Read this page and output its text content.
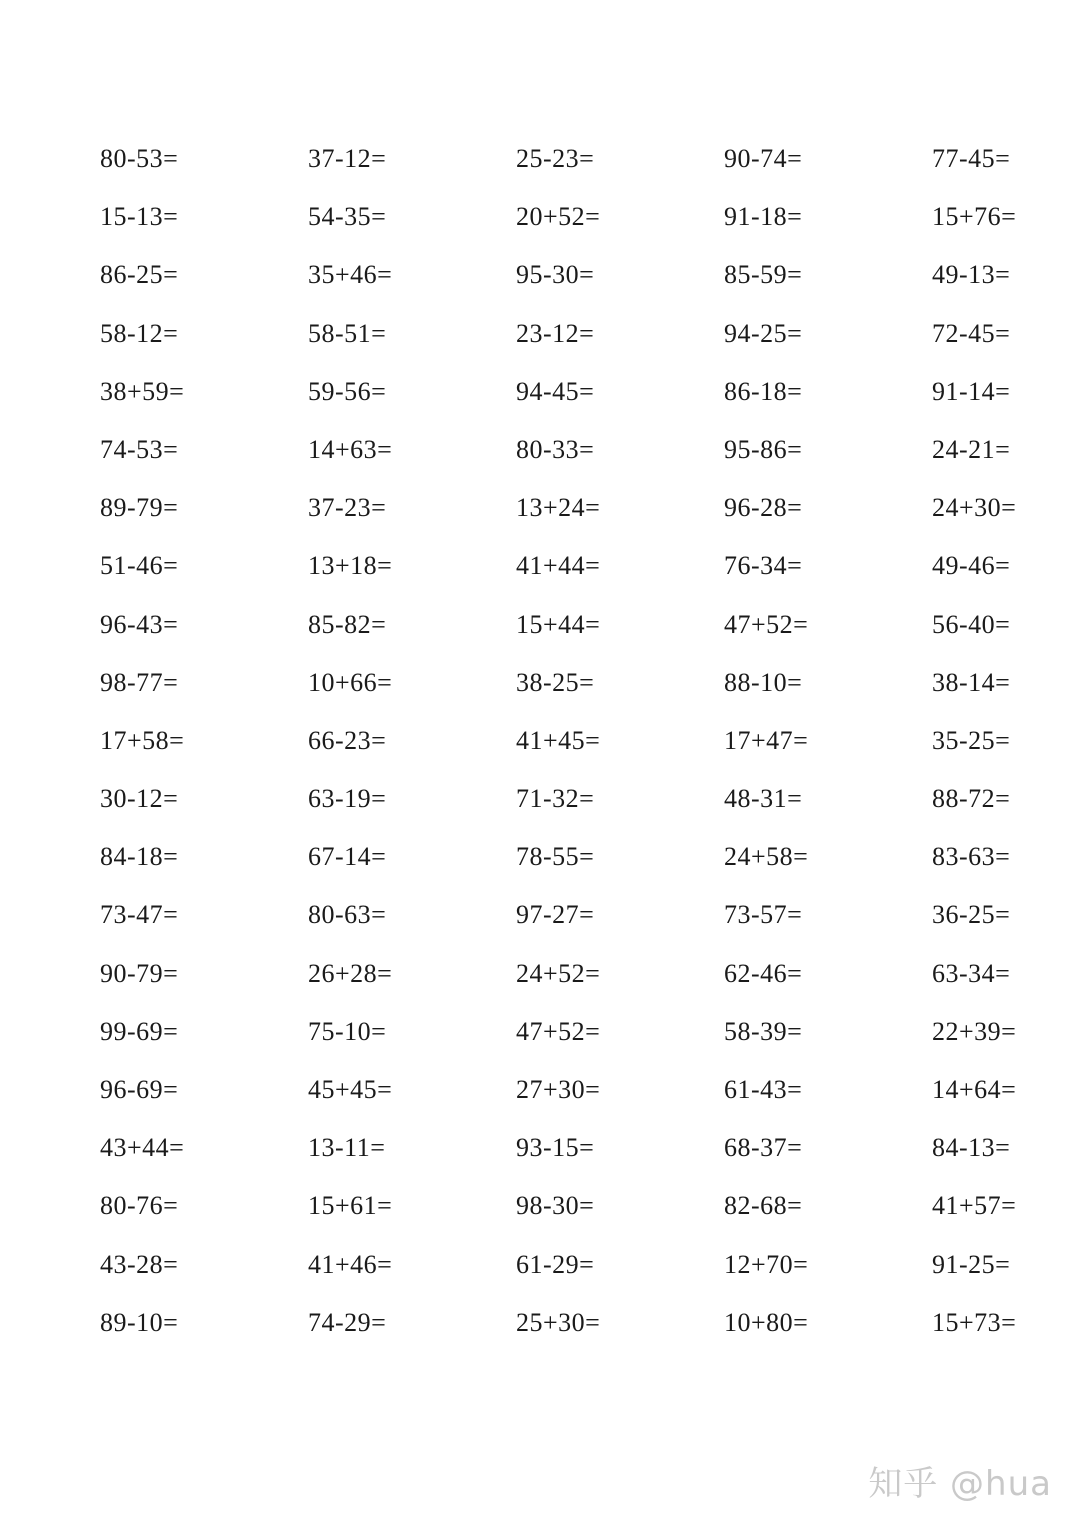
80-53=	37-12=	25-23=	90-74=	77-45=
15-13=	54-35=	20+52=	91-18=	15+76=
86-25=	35+46=	95-30=	85-59=	49-13=
58-12=	58-51=	23-12=	94-25=	72-45=
38+59=	59-56=	94-45=	86-18=	91-14=
74-53=	14+63=	80-33=	95-86=	24-21=
89-79=	37-23=	13+24=	96-28=	24+30=
51-46=	13+18=	41+44=	76-34=	49-46=
96-43=	85-82=	15+44=	47+52=	56-40=
98-77=	10+66=	38-25=	88-10=	38-14=
17+58=	66-23=	41+45=	17+47=	35-25=
30-12=	63-19=	71-32=	48-31=	88-72=
84-18=	67-14=	78-55=	24+58=	83-63=
73-47=	80-63=	97-27=	73-57=	36-25=
90-79=	26+28=	24+52=	62-46=	63-34=
99-69=	75-10=	47+52=	58-39=	22+39=
96-69=	45+45=	27+30=	61-43=	14+64=
43+44=	13-11=	93-15=	68-37=	84-13=
80-76=	15+61=	98-30=	82-68=	41+57=
43-28=	41+46=	61-29=	12+70=	91-25=
89-10=	74-29=	25+30=	10+80=	15+73=
知乎 @hua
